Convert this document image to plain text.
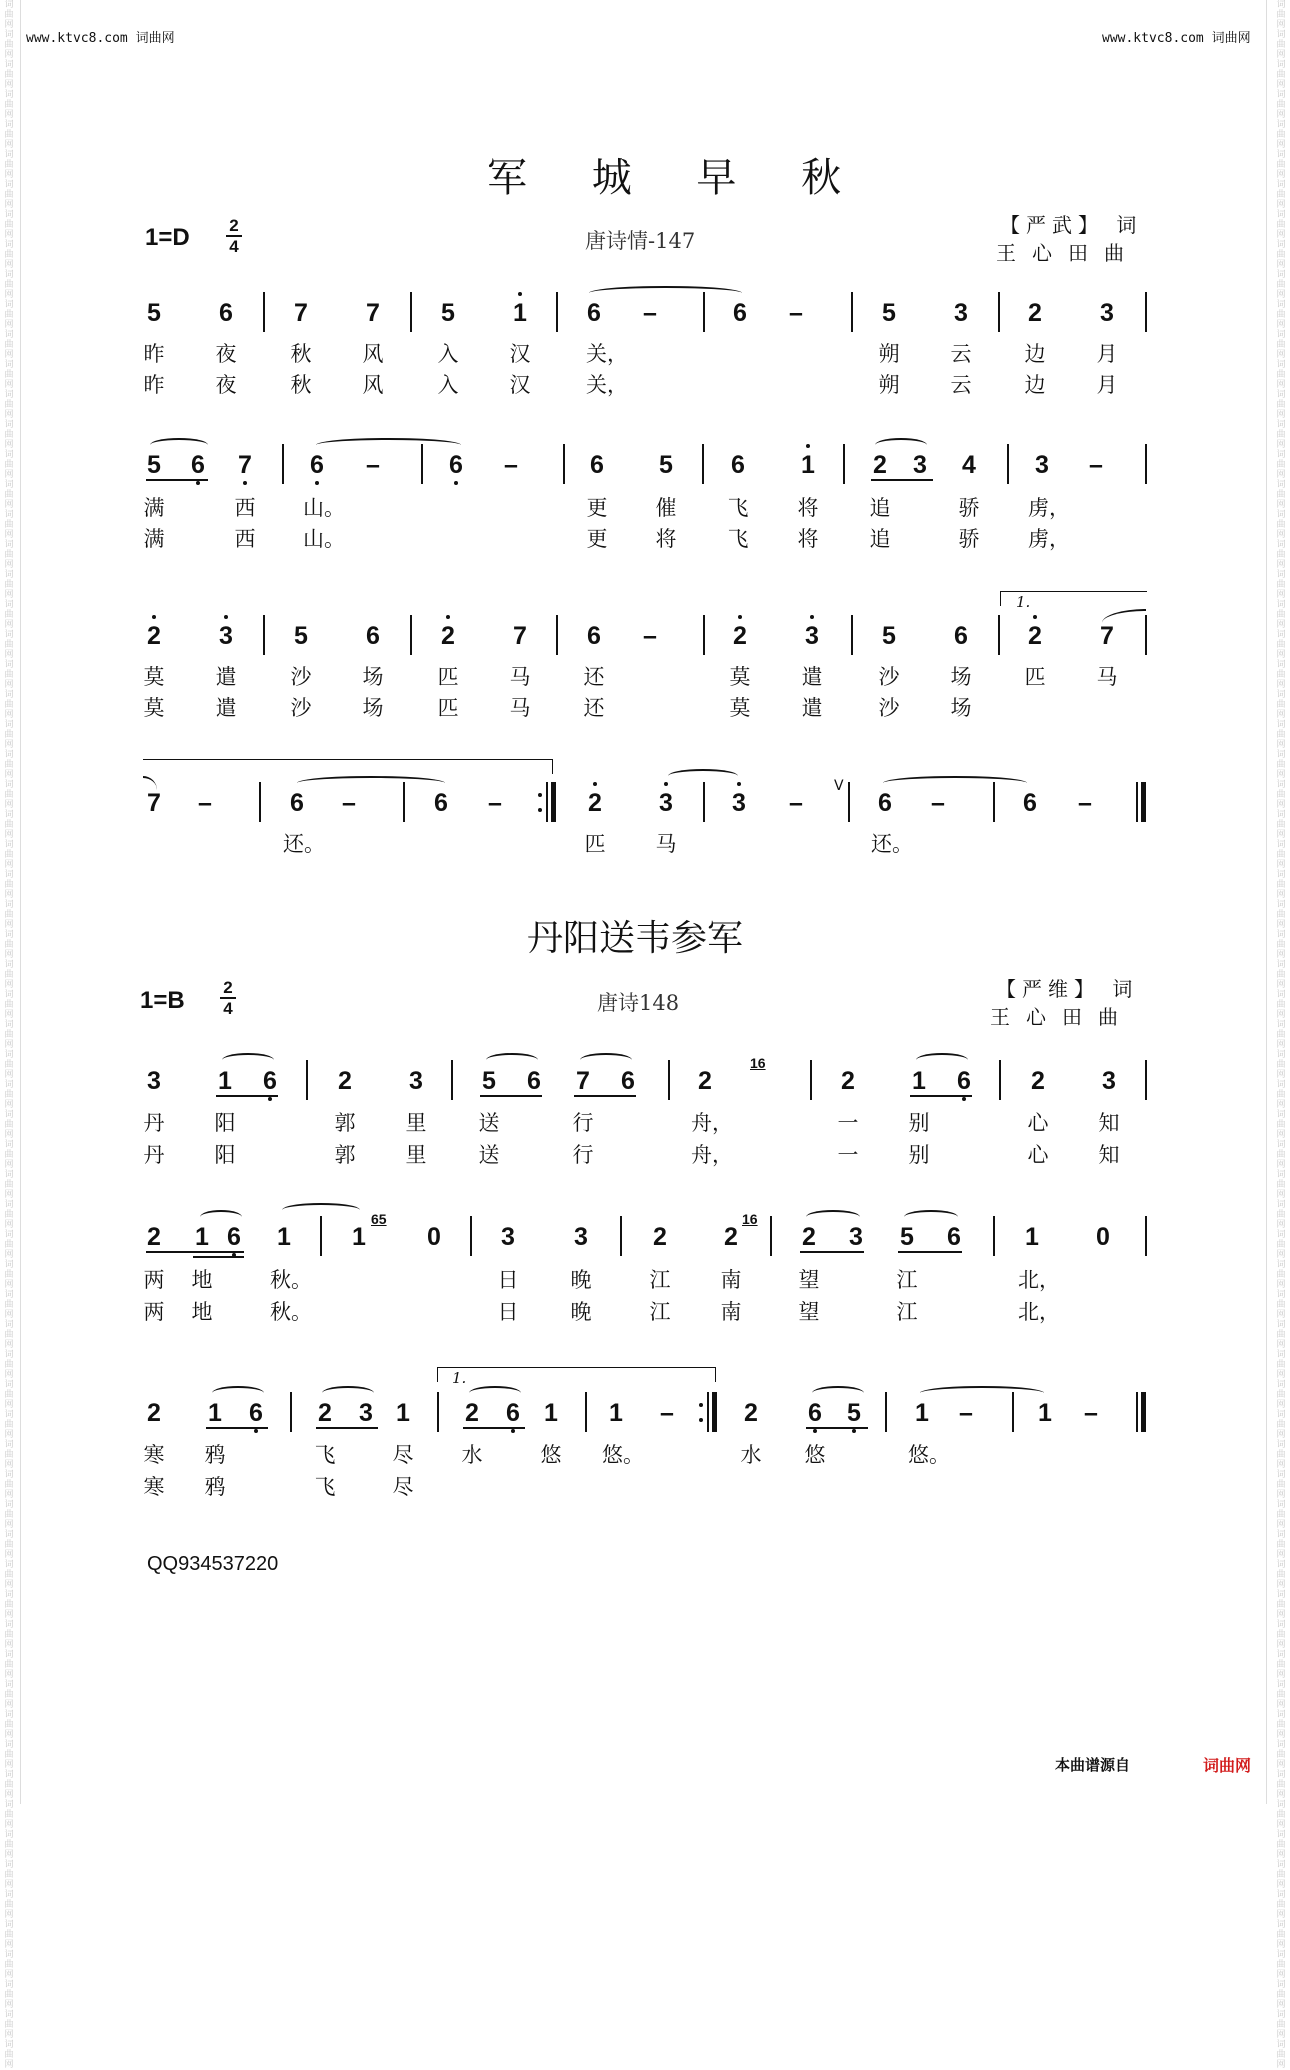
词曲网词曲网词曲网词曲网词曲网词曲网词曲网词曲网词曲网词曲网词曲网词曲网词曲网词曲网词曲网词曲网词曲网词曲网词曲网词曲网词曲网词曲网词曲网词曲网词曲网词曲网词曲网词曲网词曲网词曲网词曲网词曲网词曲网词曲网词曲网词曲网词曲网词曲网词曲网词曲网词曲网词曲网词曲网词曲网词曲网词曲网词曲网词曲网词曲网词曲网词曲网词曲网词曲网词曲网词曲网词曲网词曲网词曲网词曲网词曲网词曲网词曲网词曲网词曲网词曲网词曲网词曲网词曲网词曲网
词曲网词曲网词曲网词曲网词曲网词曲网词曲网词曲网词曲网词曲网词曲网词曲网词曲网词曲网词曲网词曲网词曲网词曲网词曲网词曲网词曲网词曲网词曲网词曲网词曲网词曲网词曲网词曲网词曲网词曲网词曲网词曲网词曲网词曲网词曲网词曲网词曲网词曲网词曲网词曲网词曲网词曲网词曲网词曲网词曲网词曲网词曲网词曲网词曲网词曲网词曲网词曲网词曲网词曲网词曲网词曲网词曲网词曲网词曲网词曲网词曲网词曲网词曲网词曲网词曲网词曲网词曲网词曲网词曲网
www.ktvc8.com 词曲网	www.ktvc8.com 词曲网
军 城 早 秋
1=D 2
4	唐诗情-147
【严武】 词
王心田曲
5 6 7 7 5 1 6 –	6 –	5 3 2 3
昨 夜	秋 风	入 汉	关，	朔 云	边 月
昨 夜	秋 风	入 汉	关，	朔 云	边 月
5 6 7 6 –	6 –	6 5 6 1 2 3 4 3 –
满	西 山。	更 催 飞 将 追	骄 虏，
满	西 山。	更 将 飞 将 追	骄 虏，
1.
2 3 5 6 2 7 6 –	2 3	5 6 2 7
莫 遣	沙 场	匹 马	还	莫 遣	沙 场	匹 马
莫 遣	沙 场	匹 马	还	莫 遣	沙 场
7 –	6 –	6 –	2 3 3 –
V
6 –	6 –
还。	匹 马	还。
丹阳送韦参军
1=B 2
4	唐诗148
【严维】 词
王心田曲
3 1 6 2 3 5 6 7 6	2
16
2 1 6 2 3
丹 阳	郭 里 送	行	舟，	一 别	心 知
丹 阳	郭 里 送	行	舟，	一 别	心 知
2 1 6 1 1
65
0 3 3	2 2
16
2 3 5 6	1 0
两 地	秋。	日 晚	江 南	望	江	北，
两 地	秋。	日 晚	江 南	望	江	北，
1.
2 1 6 2 3 1 2 6 1 1 –	2 6 5 1 –	1 –
寒 鸦	飞	尽 水	悠 悠。	水 悠	悠。
寒 鸦	飞	尽
QQ934537220
本曲谱源自	词曲网
